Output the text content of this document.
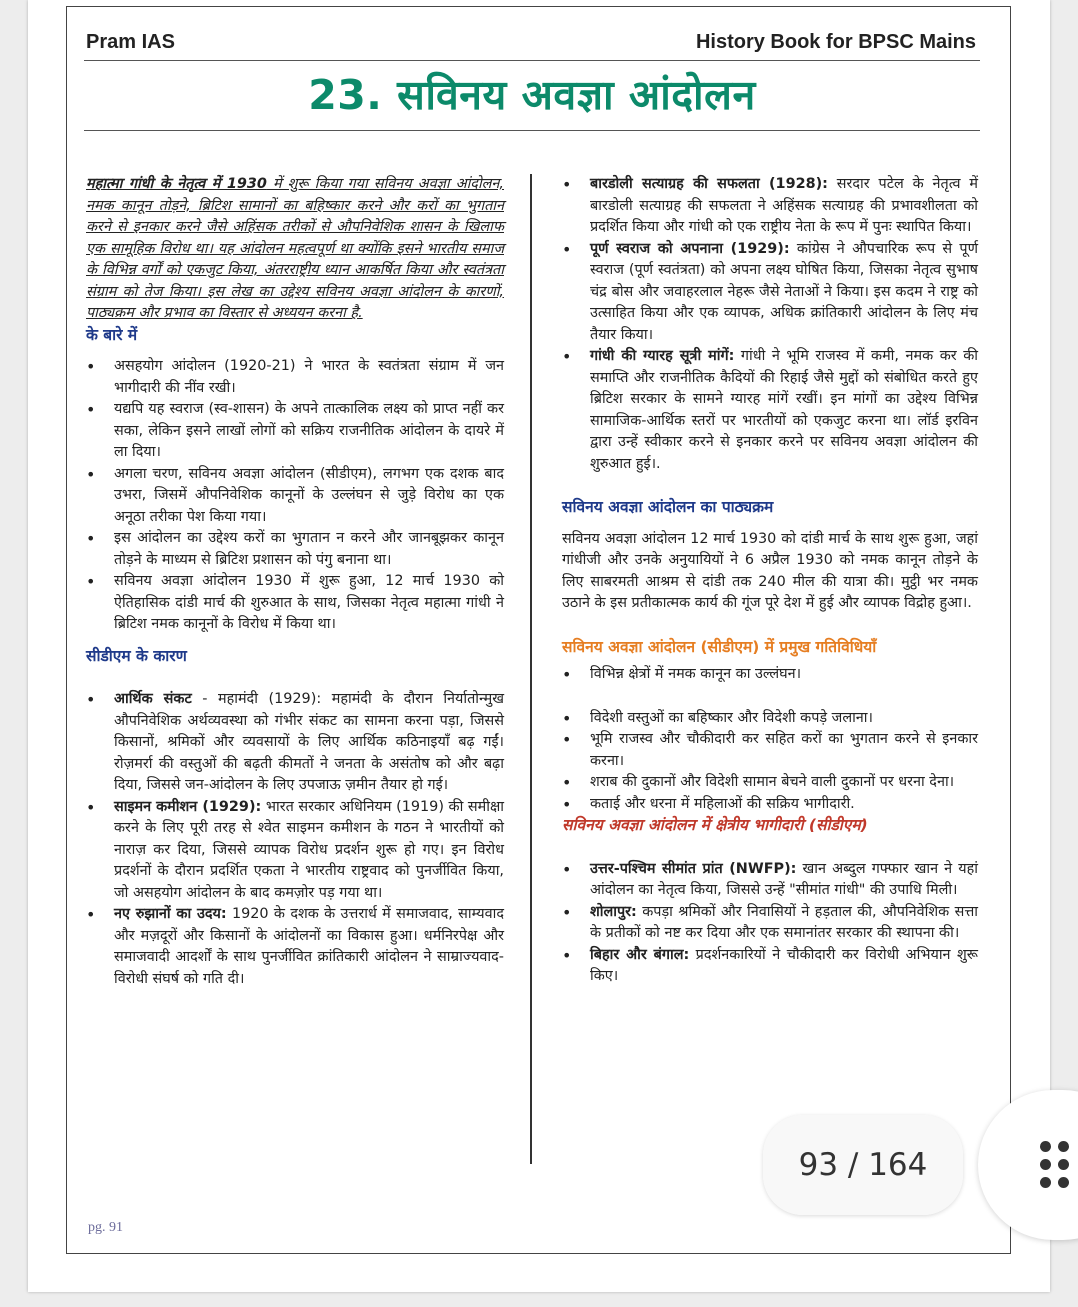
Pram IAS	History Book for BPSC Mains
23. सविनय अवज्ञा आंदोलन

महात्मा गांधी के नेतृत्व में 1930 में शुरू किया गया सविनय अवज्ञा आंदोलन, नमक कानून तोड़ने, ब्रिटिश सामानों का बहिष्कार करने और करों का भुगतान करने से इनकार करने जैसे अहिंसक तरीकों से औपनिवेशिक शासन के खिलाफ एक सामूहिक विरोध था। यह आंदोलन महत्वपूर्ण था क्योंकि इसने भारतीय समाज के विभिन्न वर्गों को एकजुट किया, अंतरराष्ट्रीय ध्यान आकर्षित किया और स्वतंत्रता संग्राम को तेज किया। इस लेख का उद्देश्य सविनय अवज्ञा आंदोलन के कारणों, पाठ्यक्रम और प्रभाव का विस्तार से अध्ययन करना है.

के बारे में
• असहयोग आंदोलन (1920-21) ने भारत के स्वतंत्रता संग्राम में जन भागीदारी की नींव रखी।
• यद्यपि यह स्वराज (स्व-शासन) के अपने तात्कालिक लक्ष्य को प्राप्त नहीं कर सका, लेकिन इसने लाखों लोगों को सक्रिय राजनीतिक आंदोलन के दायरे में ला दिया।
• अगला चरण, सविनय अवज्ञा आंदोलन (सीडीएम), लगभग एक दशक बाद उभरा, जिसमें औपनिवेशिक कानूनों के उल्लंघन से जुड़े विरोध का एक अनूठा तरीका पेश किया गया।
• इस आंदोलन का उद्देश्य करों का भुगतान न करने और जानबूझकर कानून तोड़ने के माध्यम से ब्रिटिश प्रशासन को पंगु बनाना था।
• सविनय अवज्ञा आंदोलन 1930 में शुरू हुआ, 12 मार्च 1930 को ऐतिहासिक दांडी मार्च की शुरुआत के साथ, जिसका नेतृत्व महात्मा गांधी ने ब्रिटिश नमक कानूनों के विरोध में किया था।
सीडीएम के कारण
• आर्थिक संकट - महामंदी (1929): महामंदी के दौरान निर्यातोन्मुख औपनिवेशिक अर्थव्यवस्था को गंभीर संकट का सामना करना पड़ा, जिससे किसानों, श्रमिकों और व्यवसायों के लिए आर्थिक कठिनाइयाँ बढ़ गईं। रोज़मर्रा की वस्तुओं की बढ़ती कीमतों ने जनता के असंतोष को और बढ़ा दिया, जिससे जन-आंदोलन के लिए उपजाऊ ज़मीन तैयार हो गई।
• साइमन कमीशन (1929): भारत सरकार अधिनियम (1919) की समीक्षा करने के लिए पूरी तरह से श्वेत साइमन कमीशन के गठन ने भारतीयों को नाराज़ कर दिया, जिससे व्यापक विरोध प्रदर्शन शुरू हो गए। इन विरोध प्रदर्शनों के दौरान प्रदर्शित एकता ने भारतीय राष्ट्रवाद को पुनर्जीवित किया, जो असहयोग आंदोलन के बाद कमज़ोर पड़ गया था।
• नए रुझानों का उदय: 1920 के दशक के उत्तरार्ध में समाजवाद, साम्यवाद और मज़दूरों और किसानों के आंदोलनों का विकास हुआ। धर्मनिरपेक्ष और समाजवादी आदर्शों के साथ पुनर्जीवित क्रांतिकारी आंदोलन ने साम्राज्यवाद-विरोधी संघर्ष को गति दी।
• बारडोली सत्याग्रह की सफलता (1928): सरदार पटेल के नेतृत्व में बारडोली सत्याग्रह की सफलता ने अहिंसक सत्याग्रह की प्रभावशीलता को प्रदर्शित किया और गांधी को एक राष्ट्रीय नेता के रूप में पुनः स्थापित किया।
• पूर्ण स्वराज को अपनाना (1929): कांग्रेस ने औपचारिक रूप से पूर्ण स्वराज (पूर्ण स्वतंत्रता) को अपना लक्ष्य घोषित किया, जिसका नेतृत्व सुभाष चंद्र बोस और जवाहरलाल नेहरू जैसे नेताओं ने किया। इस कदम ने राष्ट्र को उत्साहित किया और एक व्यापक, अधिक क्रांतिकारी आंदोलन के लिए मंच तैयार किया।
• गांधी की ग्यारह सूत्री मांगें: गांधी ने भूमि राजस्व में कमी, नमक कर की समाप्ति और राजनीतिक कैदियों की रिहाई जैसे मुद्दों को संबोधित करते हुए ब्रिटिश सरकार के सामने ग्यारह मांगें रखीं। इन मांगों का उद्देश्य विभिन्न सामाजिक-आर्थिक स्तरों पर भारतीयों को एकजुट करना था। लॉर्ड इरविन द्वारा उन्हें स्वीकार करने से इनकार करने पर सविनय अवज्ञा आंदोलन की शुरुआत हुई।.
सविनय अवज्ञा आंदोलन का पाठ्यक्रम

सविनय अवज्ञा आंदोलन 12 मार्च 1930 को दांडी मार्च के साथ शुरू हुआ, जहां गांधीजी और उनके अनुयायियों ने 6 अप्रैल 1930 को नमक कानून तोड़ने के लिए साबरमती आश्रम से दांडी तक 240 मील की यात्रा की। मुट्ठी भर नमक उठाने के इस प्रतीकात्मक कार्य की गूंज पूरे देश में हुई और व्यापक विद्रोह हुआ।.

सविनय अवज्ञा आंदोलन (सीडीएम) में प्रमुख गतिविधियाँ
• विभिन्न क्षेत्रों में नमक कानून का उल्लंघन।
• विदेशी वस्तुओं का बहिष्कार और विदेशी कपड़े जलाना।
• भूमि राजस्व और चौकीदारी कर सहित करों का भुगतान करने से इनकार करना।
• शराब की दुकानों और विदेशी सामान बेचने वाली दुकानों पर धरना देना।
• कताई और धरना में महिलाओं की सक्रिय भागीदारी.
सविनय अवज्ञा आंदोलन में क्षेत्रीय भागीदारी (सीडीएम)
• उत्तर-पश्चिम सीमांत प्रांत (NWFP): खान अब्दुल गफ्फार खान ने यहां आंदोलन का नेतृत्व किया, जिससे उन्हें "सीमांत गांधी" की उपाधि मिली।
• शोलापुर: कपड़ा श्रमिकों और निवासियों ने हड़ताल की, औपनिवेशिक सत्ता के प्रतीकों को नष्ट कर दिया और एक समानांतर सरकार की स्थापना की।
• बिहार और बंगाल: प्रदर्शनकारियों ने चौकीदारी कर विरोधी अभियान शुरू किए।
pg. 91
93 / 164
